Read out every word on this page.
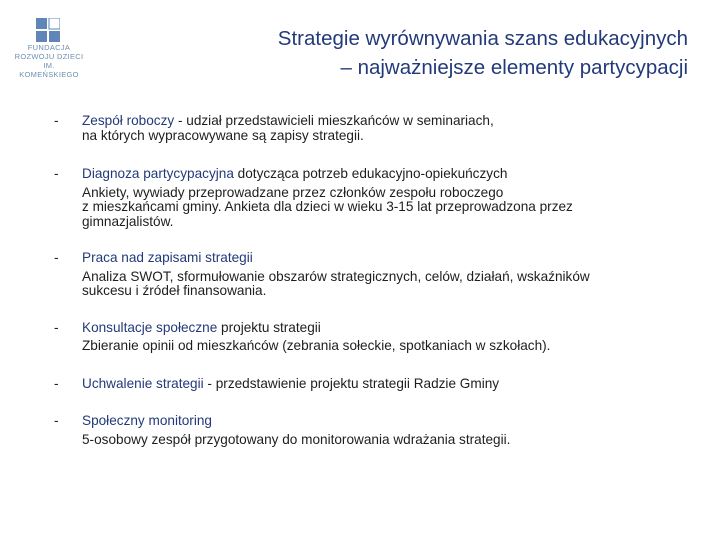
FUNDACJA
ROZWOJU DZIECI
IM. KOMEŃSKIEGO
Strategie wyrównywania szans edukacyjnych
– najważniejsze elementy partycypacji
- Zespół roboczy - udział przedstawicieli mieszkańców w seminariach,
na których wypracowywane są zapisy strategii.
- Diagnoza partycypacyjna dotycząca potrzeb edukacyjno-opiekuńczych
Ankiety, wywiady przeprowadzane przez członków zespołu roboczego
z mieszkańcami gminy. Ankieta dla dzieci w wieku 3-15 lat przeprowadzona przez
gimnazjalistów.
- Praca nad zapisami strategii
Analiza SWOT, sformułowanie obszarów strategicznych, celów, działań, wskaźników
sukcesu i źródeł finansowania.
- Konsultacje społeczne projektu strategii
Zbieranie opinii od mieszkańców (zebrania sołeckie, spotkaniach w szkołach).
- Uchwalenie strategii - przedstawienie projektu strategii Radzie Gminy
- Społeczny monitoring
5-osobowy zespół przygotowany do monitorowania wdrażania strategii.
